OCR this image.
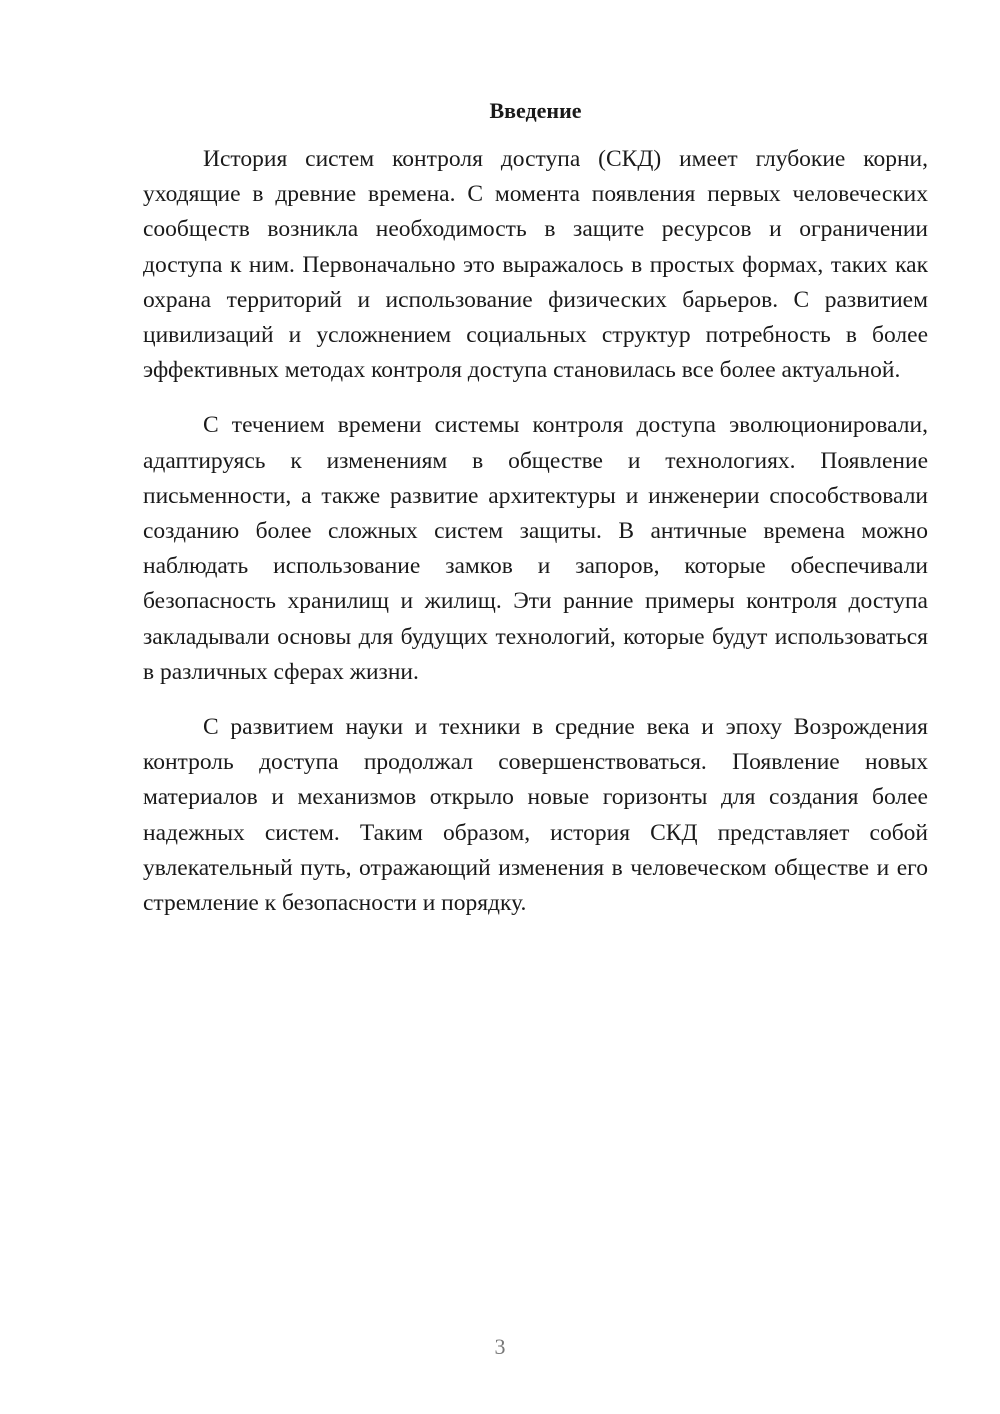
Введение

История систем контроля доступа (СКД) имеет глубокие корни, уходящие в древние времена. С момента появления первых человеческих сообществ возникла необходимость в защите ресурсов и ограничении доступа к ним. Первоначально это выражалось в простых формах, таких как охрана территорий и использование физических барьеров. С развитием цивилизаций и усложнением социальных структур потребность в более эффективных методах контроля доступа становилась все более актуальной.

С течением времени системы контроля доступа эволюционировали, адаптируясь к изменениям в обществе и технологиях. Появление письменности, а также развитие архитектуры и инженерии способствовали созданию более сложных систем защиты. В античные времена можно наблюдать использование замков и запоров, которые обеспечивали безопасность хранилищ и жилищ. Эти ранние примеры контроля доступа закладывали основы для будущих технологий, которые будут использоваться в различных сферах жизни.

С развитием науки и техники в средние века и эпоху Возрождения контроль доступа продолжал совершенствоваться. Появление новых материалов и механизмов открыло новые горизонты для создания более надежных систем. Таким образом, история СКД представляет собой увлекательный путь, отражающий изменения в человеческом обществе и его стремление к безопасности и порядку.

3
